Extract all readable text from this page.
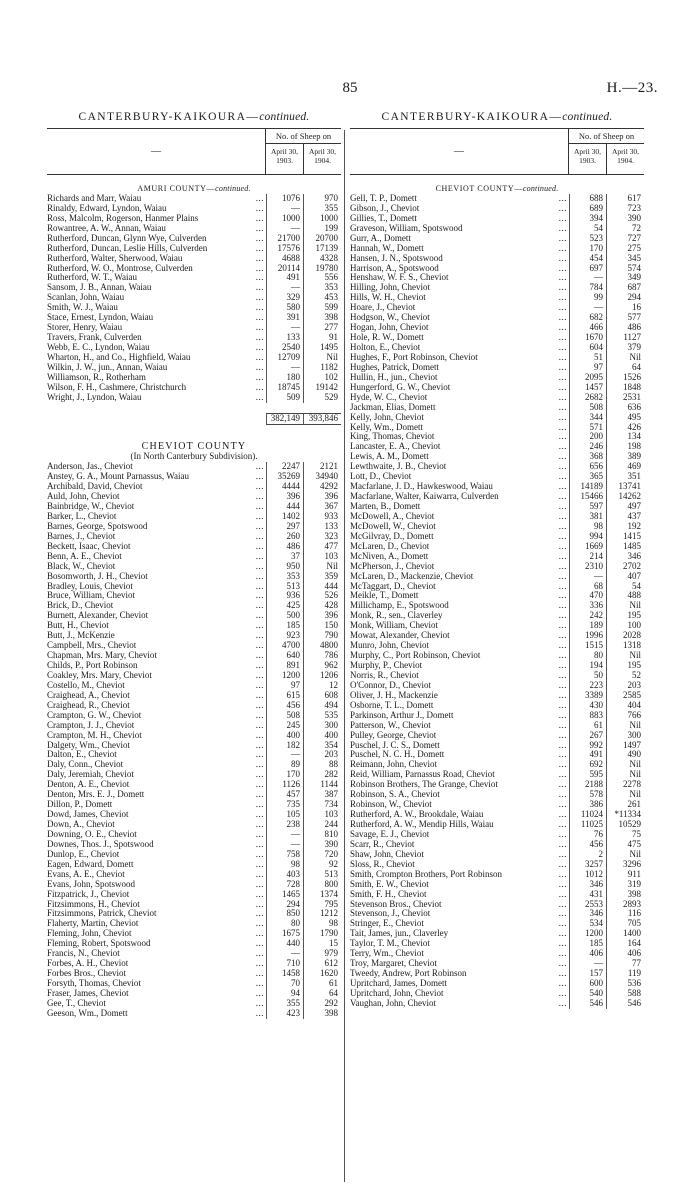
85	H.—23.
CANTERBURY-KAIKOURA—continued.
—
No. of Sheep on
April 30, 1903.
April 30, 1904.
AMURI COUNTY—continued.
Richards and Marr, Waiau ...	1076	970
Rinaldy, Edward, Lyndon, Waiau ...	—	355
Ross, Malcolm, Rogerson, Hanmer Plains ...	1000	1000
Rowantree, A. W., Annan, Waiau ...	—	199
Rutherford, Duncan, Glynn Wye, Culverden ...	21700	20700
Rutherford, Duncan, Leslie Hills, Culverden ...	17576	17139
Rutherford, Walter, Sherwood, Waiau ...	4688	4328
Rutherford, W. O., Montrose, Culverden ...	20114	19780
Rutherford, W. T., Waiau ...	491	556
Sansom, J. B., Annan, Waiau ...	—	353
Scanlan, John, Waiau ...	329	453
Smith, W. J., Waiau ...	580	599
Stace, Ernest, Lyndon, Waiau ...	391	398
Storer, Henry, Waiau ...	—	277
Travers, Frank, Culverden ...	133	91
Webb, E. C., Lyndon, Waiau ...	2540	1495
Wharton, H., and Co., Highfield, Waiau ...	12709	Nil
Wilkin, J. W., jun., Annan, Waiau ...	—	1182
Williamson, R., Rotherham ...	180	102
Wilson, F. H., Cashmere, Christchurch ...	18745	19142
Wright, J., Lyndon, Waiau ...	509	529
382,149 393,846
CHEVIOT COUNTY
(In North Canterbury Subdivision).
Anderson, Jas., Cheviot ...	2247	2121
Anstey, G. A., Mount Parnassus, Waiau ...	35269	34940
Archibald, David, Cheviot ...	4444	4292
Auld, John, Cheviot ...	396	396
Bainbridge, W., Cheviot ...	444	367
Barker, L., Cheviot ...	1402	933
Barnes, George, Spotswood ...	297	133
Barnes, J., Cheviot ...	260	323
Beckett, Isaac, Cheviot ...	486	477
Benn, A. E., Cheviot ...	37	103
Black, W., Cheviot ...	950	Nil
Bosomworth, J. H., Cheviot ...	353	359
Bradley, Louis, Cheviot ...	513	444
Bruce, William, Cheviot ...	936	526
Brick, D., Cheviot ...	425	428
Burnett, Alexander, Cheviot ...	500	396
Butt, H., Cheviot ...	185	150
Butt, J., McKenzie ...	923	790
Campbell, Mrs., Cheviot ...	4700	4800
Chapman, Mrs. Mary, Cheviot ...	640	786
Childs, P., Port Robinson ...	891	962
Coakley, Mrs. Mary, Cheviot ...	1200	1206
Costello, M., Cheviot ...	97	12
Craighead, A., Cheviot ...	615	608
Craighead, R., Cheviot ...	456	494
Crampton, G. W., Cheviot ...	508	535
Crampton, J. J., Cheviot ...	245	300
Crampton, M. H., Cheviot ...	400	400
Dalgety, Wm., Cheviot ...	182	354
Dalton, E., Cheviot ...	—	203
Daly, Conn., Cheviot ...	89	88
Daly, Jeremiah, Cheviot ...	170	282
Denton, A. E., Cheviot ...	1126	1144
Denton, Mrs. E. J., Domett ...	457	387
Dillon, P., Domett ...	735	734
Dowd, James, Cheviot ...	105	103
Down, A., Cheviot ...	238	244
Downing, O. E., Cheviot ...	—	810
Downes, Thos. J., Spotswood ...	—	390
Dunlop, E., Cheviot ...	758	720
Eagen, Edward, Domett ...	98	92
Evans, A. E., Cheviot ...	403	513
Evans, John, Spotswood ...	728	800
Fitzpatrick, J., Cheviot ...	1465	1374
Fitzsimmons, H., Cheviot ...	294	795
Fitzsimmons, Patrick, Cheviot ...	850	1212
Flaherty, Martin, Cheviot ...	80	98
Fleming, John, Cheviot ...	1675	1790
Fleming, Robert, Spotswood ...	440	15
Francis, N., Cheviot ...	—	979
Forbes, A. H., Cheviot ...	710	612
Forbes Bros., Cheviot ...	1458	1620
Forsyth, Thomas, Cheviot ...	70	61
Fraser, James, Cheviot ...	94	64
Gee, T., Cheviot ...	355	292
Geeson, Wm., Domett ...	423	398
CANTERBURY-KAIKOURA—continued.
—
No. of Sheep on
April 30, 1903.
April 30, 1904.
CHEVIOT COUNTY—continued.
Gell, T. P., Domett ...	688	617
Gibson, J., Cheviot ...	689	723
Gillies, T., Domett ...	394	390
Graveson, William, Spotswood ...	54	72
Gurr, A., Domett ...	523	727
Hannah, W., Domett ...	170	275
Hansen, J. N., Spotswood ...	454	345
Harrison, A., Spotswood ...	697	574
Henshaw, W. F. S., Cheviot ...	—	349
Hilling, John, Cheviot ...	784	687
Hills, W. H., Cheviot ...	99	294
Hoare, J., Cheviot ...	—	16
Hodgson, W., Cheviot ...	682	577
Hogan, John, Cheviot ...	466	486
Hole, R. W., Domett ...	1670	1127
Holton, E., Cheviot ...	604	379
Hughes, F., Port Robinson, Cheviot ...	51	Nil
Hughes, Patrick, Domett ...	97	64
Hullin, H., jun., Cheviot ...	2095	1526
Hungerford, G. W., Cheviot ...	1457	1848
Hyde, W. C., Cheviot ...	2682	2531
Jackman, Elias, Domett ...	508	636
Kelly, John, Cheviot ...	344	495
Kelly, Wm., Domett ...	571	426
King, Thomas, Cheviot ...	200	134
Lancaster, E. A., Cheviot ...	246	198
Lewis, A. M., Domett ...	368	389
Lewthwaite, J. B., Cheviot ...	656	469
Lott, D., Cheviot ...	365	351
Macfarlane, J. D., Hawkeswood, Waiau ...	14189	13741
Macfarlane, Walter, Kaiwarra, Culverden ...	15466	14262
Marten, B., Domett ...	597	497
McDowell, A., Cheviot ...	381	437
McDowell, W., Cheviot ...	98	192
McGilvray, D., Domett ...	994	1415
McLaren, D., Cheviot ...	1669	1485
McNiven, A., Domett ...	214	346
McPherson, J., Cheviot ...	2310	2702
McLaren, D., Mackenzie, Cheviot ...	—	407
McTaggart, D., Cheviot ...	68	54
Meikle, T., Domett ...	470	488
Millichamp, E., Spotswood ...	336	Nil
Monk, R., sen., Claverley ...	242	195
Monk, William, Cheviot ...	189	100
Mowat, Alexander, Cheviot ...	1996	2028
Munro, John, Cheviot ...	1515	1318
Murphy, C., Port Robinson, Cheviot ...	80	Nil
Murphy, P., Cheviot ...	194	195
Norris, R., Cheviot ...	50	52
O'Connor, D., Cheviot ...	223	203
Oliver, J. H., Mackenzie ...	3389	2585
Osborne, T. L., Domett ...	430	404
Parkinson, Arthur J., Domett ...	883	766
Patterson, W., Cheviot ...	61	Nil
Pulley, George, Cheviot ...	267	300
Puschel, J. C. S., Domett ...	992	1497
Puschel, N. C. H., Domett ...	491	490
Reimann, John, Cheviot ...	692	Nil
Reid, William, Parnassus Road, Cheviot ...	595	Nil
Robinson Brothers, The Grange, Cheviot ...	2188	2278
Robinson, S. A., Cheviot ...	578	Nil
Robinson, W., Cheviot ...	386	261
Rutherford, A. W., Brookdale, Waiau ...	11024	*11334
Rutherford, A. W., Mendip Hills, Waiau ...	11025	10529
Savage, E. J., Cheviot ...	76	75
Scarr, R., Cheviot ...	456	475
Shaw, John, Cheviot ...	2	Nil
Sloss, R., Cheviot ...	3257	3296
Smith, Crompton Brothers, Port Robinson ...	1012	911
Smith, E. W., Cheviot ...	346	319
Smith, F. H., Cheviot ...	431	398
Stevenson Bros., Cheviot ...	2553	2893
Stevenson, J., Cheviot ...	346	116
Stringer, E., Cheviot ...	534	705
Tait, James, jun., Claverley ...	1200	1400
Taylor, T. M., Cheviot ...	185	164
Terry, Wm., Cheviot ...	406	406
Troy, Margaret, Cheviot ...	—	77
Tweedy, Andrew, Port Robinson ...	157	119
Upritchard, James, Domett ...	600	536
Upritchard, John, Cheviot ...	540	588
Vaughan, John, Cheviot ...	546	546
